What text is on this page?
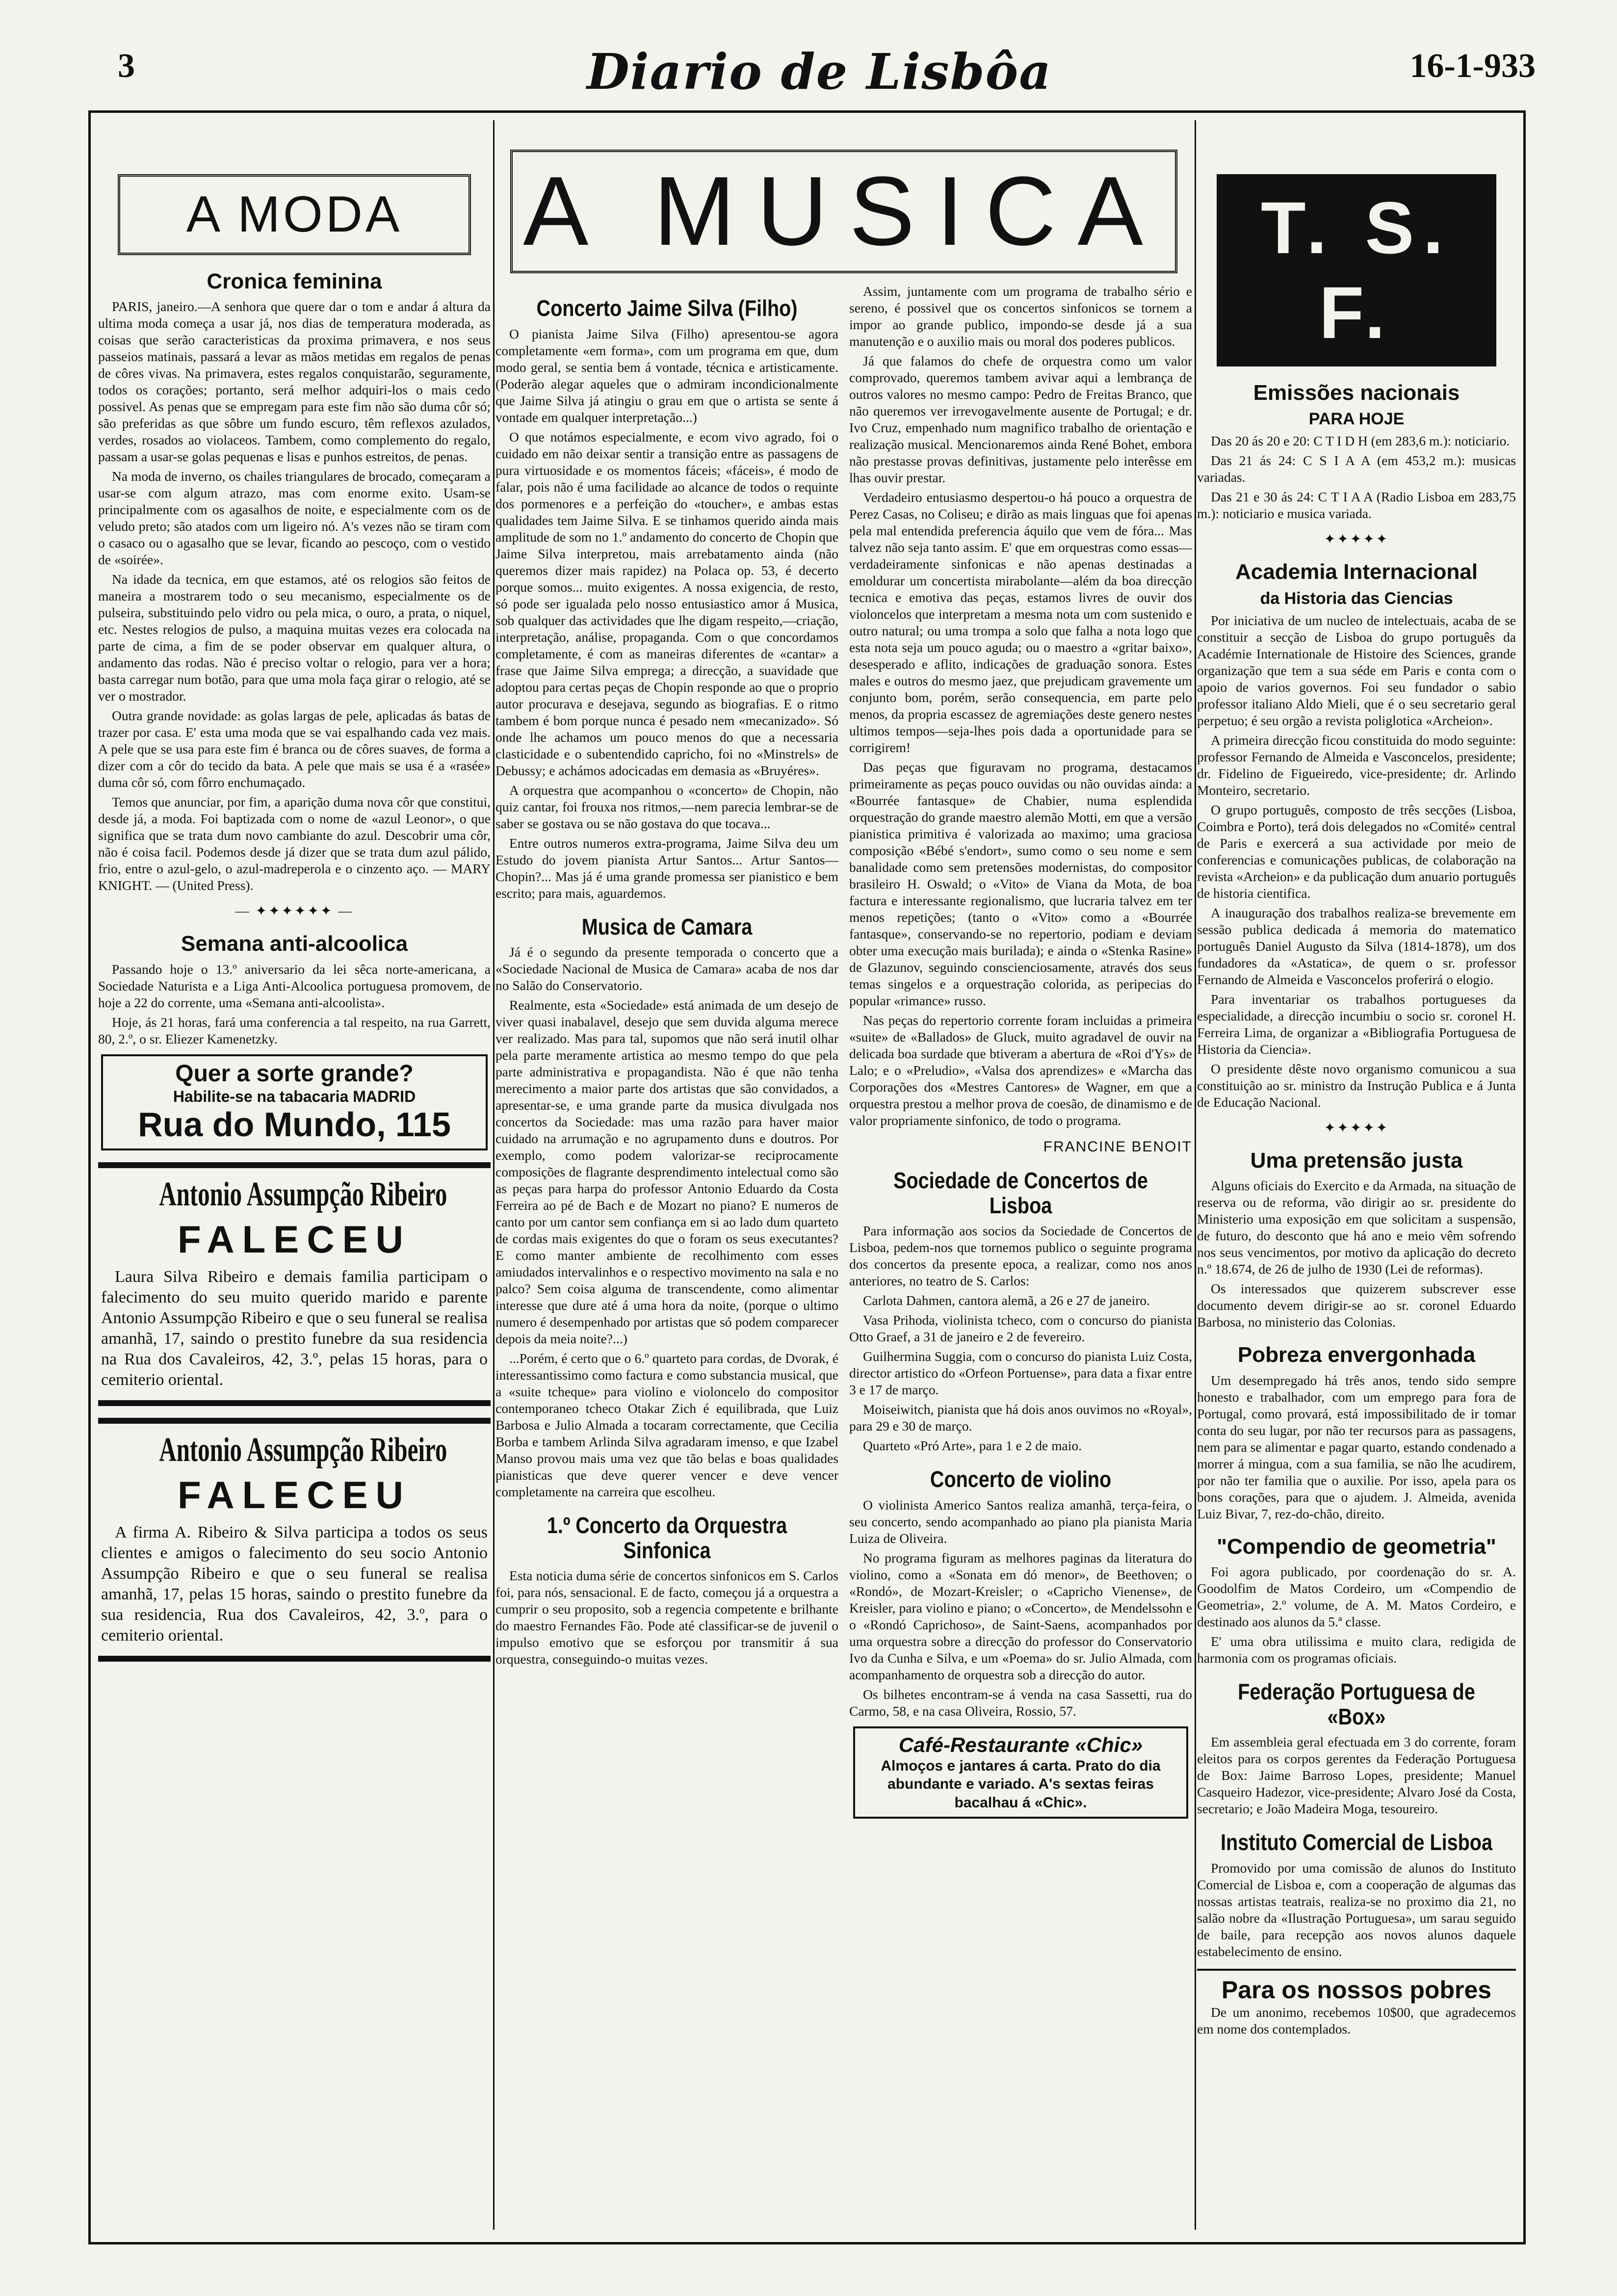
3	Diario de Lisbôa	16-1-933
A MODA
Cronica feminina

PARIS, janeiro.—A senhora que quere dar o tom e andar á altura da ultima moda começa a usar já, nos dias de temperatura moderada, as coisas que serão caracteristicas da proxima primavera, e nos seus passeios matinais, passará a levar as mãos metidas em regalos de penas de côres vivas. Na primavera, estes regalos conquistarão, seguramente, todos os corações; portanto, será melhor adquiri-los o mais cedo possivel. As penas que se empregam para este fim não são duma côr só; são preferidas as que sôbre um fundo escuro, têm reflexos azulados, verdes, rosados ao violaceos. Tambem, como complemento do regalo, passam a usar-se golas pequenas e lisas e punhos estreitos, de penas.

Na moda de inverno, os chailes triangulares de brocado, começaram a usar-se com algum atrazo, mas com enorme exito. Usam-se principalmente com os agasalhos de noite, e especialmente com os de veludo preto; são atados com um ligeiro nó. A's vezes não se tiram com o casaco ou o agasalho que se levar, ficando ao pescoço, com o vestido de «soirée».

Na idade da tecnica, em que estamos, até os relogios são feitos de maneira a mostrarem todo o seu mecanismo, especialmente os de pulseira, substituindo pelo vidro ou pela mica, o ouro, a prata, o niquel, etc. Nestes relogios de pulso, a maquina muitas vezes era colocada na parte de cima, a fim de se poder observar em qualquer altura, o andamento das rodas. Não é preciso voltar o relogio, para ver a hora; basta carregar num botão, para que uma mola faça girar o relogio, até se ver o mostrador.

Outra grande novidade: as golas largas de pele, aplicadas ás batas de trazer por casa. E' esta uma moda que se vai espalhando cada vez mais. A pele que se usa para este fim é branca ou de côres suaves, de forma a dizer com a côr do tecido da bata. A pele que mais se usa é a «rasée» duma côr só, com fôrro enchumaçado.

Temos que anunciar, por fim, a aparição duma nova côr que constitui, desde já, a moda. Foi baptizada com o nome de «azul Leonor», o que significa que se trata dum novo cambiante do azul. Descobrir uma côr, não é coisa facil. Podemos desde já dizer que se trata dum azul pálido, frio, entre o azul-gelo, o azul-madreperola e o cinzento aço. — MARY KNIGHT. — (United Press).

— ✦✦✦✦✦✦ —
Semana anti-alcoolica

Passando hoje o 13.º aniversario da lei sêca norte-americana, a Sociedade Naturista e a Liga Anti-Alcoolica portuguesa promovem, de hoje a 22 do corrente, uma «Semana anti-alcoolista».

Hoje, ás 21 horas, fará uma conferencia a tal respeito, na rua Garrett, 80, 2.º, o sr. Eliezer Kamenetzky.

Quer a sorte grande?
Habilite-se na tabacaria MADRID
Rua do Mundo, 115
Antonio Assumpção Ribeiro
FALECEU

Laura Silva Ribeiro e demais familia participam o falecimento do seu muito querido marido e parente Antonio Assumpção Ribeiro e que o seu funeral se realisa amanhã, 17, saindo o prestito funebre da sua residencia na Rua dos Cavaleiros, 42, 3.º, pelas 15 horas, para o cemiterio oriental.

Antonio Assumpção Ribeiro
FALECEU

A firma A. Ribeiro & Silva participa a todos os seus clientes e amigos o falecimento do seu socio Antonio Assumpção Ribeiro e que o seu funeral se realisa amanhã, 17, pelas 15 horas, saindo o prestito funebre da sua residencia, Rua dos Cavaleiros, 42, 3.º, para o cemiterio oriental.

A MUSICA
Concerto Jaime Silva (Filho)

O pianista Jaime Silva (Filho) apresentou-se agora completamente «em forma», com um programa em que, dum modo geral, se sentia bem á vontade, técnica e artisticamente. (Poderão alegar aqueles que o admiram incondicionalmente que Jaime Silva já atingiu o grau em que o artista se sente á vontade em qualquer interpretação...)

O que notámos especialmente, e ecom vivo agrado, foi o cuidado em não deixar sentir a transição entre as passagens de pura virtuosidade e os momentos fáceis; «fáceis», é modo de falar, pois não é uma facilidade ao alcance de todos o requinte dos pormenores e a perfeição do «toucher», e ambas estas qualidades tem Jaime Silva. E se tinhamos querido ainda mais amplitude de som no 1.º andamento do concerto de Chopin que Jaime Silva interpretou, mais arrebatamento ainda (não queremos dizer mais rapidez) na Polaca op. 53, é decerto porque somos... muito exigentes. A nossa exigencia, de resto, só pode ser igualada pelo nosso entusiastico amor á Musica, sob qualquer das actividades que lhe digam respeito,—criação, interpretação, análise, propaganda. Com o que concordamos completamente, é com as maneiras diferentes de «cantar» a frase que Jaime Silva emprega; a direcção, a suavidade que adoptou para certas peças de Chopin responde ao que o proprio autor procurava e desejava, segundo as biografias. E o ritmo tambem é bom porque nunca é pesado nem «mecanizado». Só onde lhe achamos um pouco menos do que a necessaria clasticidade e o subentendido capricho, foi no «Minstrels» de Debussy; e achámos adocicadas em demasia as «Bruyéres».

A orquestra que acompanhou o «concerto» de Chopin, não quiz cantar, foi frouxa nos ritmos,—nem parecia lembrar-se de saber se gostava ou se não gostava do que tocava...

Entre outros numeros extra-programa, Jaime Silva deu um Estudo do jovem pianista Artur Santos... Artur Santos—Chopin?... Mas já é uma grande promessa ser pianistico e bem escrito; para mais, aguardemos.

Musica de Camara

Já é o segundo da presente temporada o concerto que a «Sociedade Nacional de Musica de Camara» acaba de nos dar no Salão do Conservatorio.

Realmente, esta «Sociedade» está animada de um desejo de viver quasi inabalavel, desejo que sem duvida alguma merece ver realizado. Mas para tal, supomos que não será inutil olhar pela parte meramente artistica ao mesmo tempo do que pela parte administrativa e propagandista. Não é que não tenha merecimento a maior parte dos artistas que são convidados, a apresentar-se, e uma grande parte da musica divulgada nos concertos da Sociedade: mas uma razão para haver maior cuidado na arrumação e no agrupamento duns e doutros. Por exemplo, como podem valorizar-se reciprocamente composições de flagrante desprendimento intelectual como são as peças para harpa do professor Antonio Eduardo da Costa Ferreira ao pé de Bach e de Mozart no piano? E numeros de canto por um cantor sem confiança em si ao lado dum quarteto de cordas mais exigentes do que o foram os seus executantes? E como manter ambiente de recolhimento com esses amiudados intervalinhos e o respectivo movimento na sala e no palco? Sem coisa alguma de transcendente, como alimentar interesse que dure até á uma hora da noite, (porque o ultimo numero é desempenhado por artistas que só podem comparecer depois da meia noite?...)

...Porém, é certo que o 6.º quarteto para cordas, de Dvorak, é interessantissimo como factura e como substancia musical, que a «suite tcheque» para violino e violoncelo do compositor contemporaneo tcheco Otakar Zich é equilibrada, que Luiz Barbosa e Julio Almada a tocaram correctamente, que Cecilia Borba e tambem Arlinda Silva agradaram imenso, e que Izabel Manso provou mais uma vez que tão belas e boas qualidades pianisticas que deve querer vencer e deve vencer completamente na carreira que escolheu.

1.º Concerto da Orquestra Sinfonica

Esta noticia duma série de concertos sinfonicos em S. Carlos foi, para nós, sensacional. E de facto, começou já a orquestra a cumprir o seu proposito, sob a regencia competente e brilhante do maestro Fernandes Fão. Pode até classificar-se de juvenil o impulso emotivo que se esforçou por transmitir á sua orquestra, conseguindo-o muitas vezes.

Assim, juntamente com um programa de trabalho sério e sereno, é possivel que os concertos sinfonicos se tornem a impor ao grande publico, impondo-se desde já a sua manutenção e o auxilio mais ou moral dos poderes publicos.

Já que falamos do chefe de orquestra como um valor comprovado, queremos tambem avivar aqui a lembrança de outros valores no mesmo campo: Pedro de Freitas Branco, que não queremos ver irrevogavelmente ausente de Portugal; e dr. Ivo Cruz, empenhado num magnifico trabalho de orientação e realização musical. Mencionaremos ainda René Bohet, embora não prestasse provas definitivas, justamente pelo interêsse em lhas ouvir prestar.

Verdadeiro entusiasmo despertou-o há pouco a orquestra de Perez Casas, no Coliseu; e dirão as mais linguas que foi apenas pela mal entendida preferencia áquilo que vem de fóra... Mas talvez não seja tanto assim. E' que em orquestras como essas—verdadeiramente sinfonicas e não apenas destinadas a emoldurar um concertista mirabolante—além da boa direcção tecnica e emotiva das peças, estamos livres de ouvir dos violoncelos que interpretam a mesma nota um com sustenido e outro natural; ou uma trompa a solo que falha a nota logo que esta nota seja um pouco aguda; ou o maestro a «gritar baixo», desesperado e aflito, indicações de graduação sonora. Estes males e outros do mesmo jaez, que prejudicam gravemente um conjunto bom, porém, serão consequencia, em parte pelo menos, da propria escassez de agremiações deste genero nestes ultimos tempos—seja-lhes pois dada a oportunidade para se corrigirem!

Das peças que figuravam no programa, destacamos primeiramente as peças pouco ouvidas ou não ouvidas ainda: a «Bourrée fantasque» de Chabier, numa esplendida orquestração do grande maestro alemão Motti, em que a versão pianistica primitiva é valorizada ao maximo; uma graciosa composição «Bébé s'endort», sumo como o seu nome e sem banalidade como sem pretensões modernistas, do compositor brasileiro H. Oswald; o «Vito» de Viana da Mota, de boa factura e interessante regionalismo, que lucraria talvez em ter menos repetições; (tanto o «Vito» como a «Bourrée fantasque», conservando-se no repertorio, podiam e deviam obter uma execução mais burilada); e ainda o «Stenka Rasine» de Glazunov, seguindo conscienciosamente, através dos seus temas singelos e a orquestração colorida, as peripecias do popular «rimance» russo.

Nas peças do repertorio corrente foram incluidas a primeira «suite» de «Ballados» de Gluck, muito agradavel de ouvir na delicada boa surdade que btiveram a abertura de «Roi d'Ys» de Lalo; e o «Preludio», «Valsa dos aprendizes» e «Marcha das Corporações dos «Mestres Cantores» de Wagner, em que a orquestra prestou a melhor prova de coesão, de dinamismo e de valor propriamente sinfonico, de todo o programa.

FRANCINE BENOIT
Sociedade de Concertos de Lisboa

Para informação aos socios da Sociedade de Concertos de Lisboa, pedem-nos que tornemos publico o seguinte programa dos concertos da presente epoca, a realizar, como nos anos anteriores, no teatro de S. Carlos:

Carlota Dahmen, cantora alemã, a 26 e 27 de janeiro.

Vasa Prihoda, violinista tcheco, com o concurso do pianista Otto Graef, a 31 de janeiro e 2 de fevereiro.

Guilhermina Suggia, com o concurso do pianista Luiz Costa, director artistico do «Orfeon Portuense», para data a fixar entre 3 e 17 de março.

Moiseiwitch, pianista que há dois anos ouvimos no «Royal», para 29 e 30 de março.

Quarteto «Pró Arte», para 1 e 2 de maio.

Concerto de violino

O violinista Americo Santos realiza amanhã, terça-feira, o seu concerto, sendo acompanhado ao piano pla pianista Maria Luiza de Oliveira.

No programa figuram as melhores paginas da literatura do violino, como a «Sonata em dó menor», de Beethoven; o «Rondó», de Mozart-Kreisler; o «Capricho Vienense», de Kreisler, para violino e piano; o «Concerto», de Mendelssohn e o «Rondó Caprichoso», de Saint-Saens, acompanhados por uma orquestra sobre a direcção do professor do Conservatorio Ivo da Cunha e Silva, e um «Poema» do sr. Julio Almada, com acompanhamento de orquestra sob a direcção do autor.

Os bilhetes encontram-se á venda na casa Sassetti, rua do Carmo, 58, e na casa Oliveira, Rossio, 57.

Café-Restaurante «Chic»
Almoços e jantares á carta. Prato do dia abundante e variado. A's sextas feiras bacalhau á «Chic».
T. S. F.
Emissões nacionais
PARA HOJE

Das 20 ás 20 e 20: C T I D H (em 283,6 m.): noticiario.

Das 21 ás 24: C S I A A (em 453,2 m.): musicas variadas.

Das 21 e 30 ás 24: C T I A A (Radio Lisboa em 283,75 m.): noticiario e musica variada.

✦✦✦✦✦
Academia Internacional
da Historia das Ciencias

Por iniciativa de um nucleo de intelectuais, acaba de se constituir a secção de Lisboa do grupo português da Académie Internationale de Histoire des Sciences, grande organização que tem a sua séde em Paris e conta com o apoio de varios governos. Foi seu fundador o sabio professor italiano Aldo Mieli, que é o seu secretario geral perpetuo; é seu orgão a revista poliglotica «Archeion».

A primeira direcção ficou constituida do modo seguinte: professor Fernando de Almeida e Vasconcelos, presidente; dr. Fidelino de Figueiredo, vice-presidente; dr. Arlindo Monteiro, secretario.

O grupo português, composto de três secções (Lisboa, Coimbra e Porto), terá dois delegados no «Comité» central de Paris e exercerá a sua actividade por meio de conferencias e comunicações publicas, de colaboração na revista «Archeion» e da publicação dum anuario português de historia cientifica.

A inauguração dos trabalhos realiza-se brevemente em sessão publica dedicada á memoria do matematico português Daniel Augusto da Silva (1814-1878), um dos fundadores da «Astatica», de quem o sr. professor Fernando de Almeida e Vasconcelos proferirá o elogio.

Para inventariar os trabalhos portugueses da especialidade, a direcção incumbiu o socio sr. coronel H. Ferreira Lima, de organizar a «Bibliografia Portuguesa de Historia da Ciencia».

O presidente dêste novo organismo comunicou a sua constituição ao sr. ministro da Instrução Publica e á Junta de Educação Nacional.

✦✦✦✦✦
Uma pretensão justa

Alguns oficiais do Exercito e da Armada, na situação de reserva ou de reforma, vão dirigir ao sr. presidente do Ministerio uma exposição em que solicitam a suspensão, de futuro, do desconto que há ano e meio vêm sofrendo nos seus vencimentos, por motivo da aplicação do decreto n.º 18.674, de 26 de julho de 1930 (Lei de reformas).

Os interessados que quizerem subscrever esse documento devem dirigir-se ao sr. coronel Eduardo Barbosa, no ministerio das Colonias.

Pobreza envergonhada

Um desempregado há três anos, tendo sido sempre honesto e trabalhador, com um emprego para fora de Portugal, como provará, está impossibilitado de ir tomar conta do seu lugar, por não ter recursos para as passagens, nem para se alimentar e pagar quarto, estando condenado a morrer á mingua, com a sua familia, se não lhe acudirem, por não ter familia que o auxilie. Por isso, apela para os bons corações, para que o ajudem. J. Almeida, avenida Luiz Bivar, 7, rez-do-chão, direito.

"Compendio de geometria"

Foi agora publicado, por coordenação do sr. A. Goodolfim de Matos Cordeiro, um «Compendio de Geometria», 2.º volume, de A. M. Matos Cordeiro, e destinado aos alunos da 5.ª classe.

E' uma obra utilissima e muito clara, redigida de harmonia com os programas oficiais.

Federação Portuguesa de «Box»

Em assembleia geral efectuada em 3 do corrente, foram eleitos para os corpos gerentes da Federação Portuguesa de Box: Jaime Barroso Lopes, presidente; Manuel Casqueiro Hadezor, vice-presidente; Alvaro José da Costa, secretario; e João Madeira Moga, tesoureiro.

Instituto Comercial de Lisboa

Promovido por uma comissão de alunos do Instituto Comercial de Lisboa e, com a cooperação de algumas das nossas artistas teatrais, realiza-se no proximo dia 21, no salão nobre da «Ilustração Portuguesa», um sarau seguido de baile, para recepção aos novos alunos daquele estabelecimento de ensino.

Para os nossos pobres

De um anonimo, recebemos 10$00, que agradecemos em nome dos contemplados.
